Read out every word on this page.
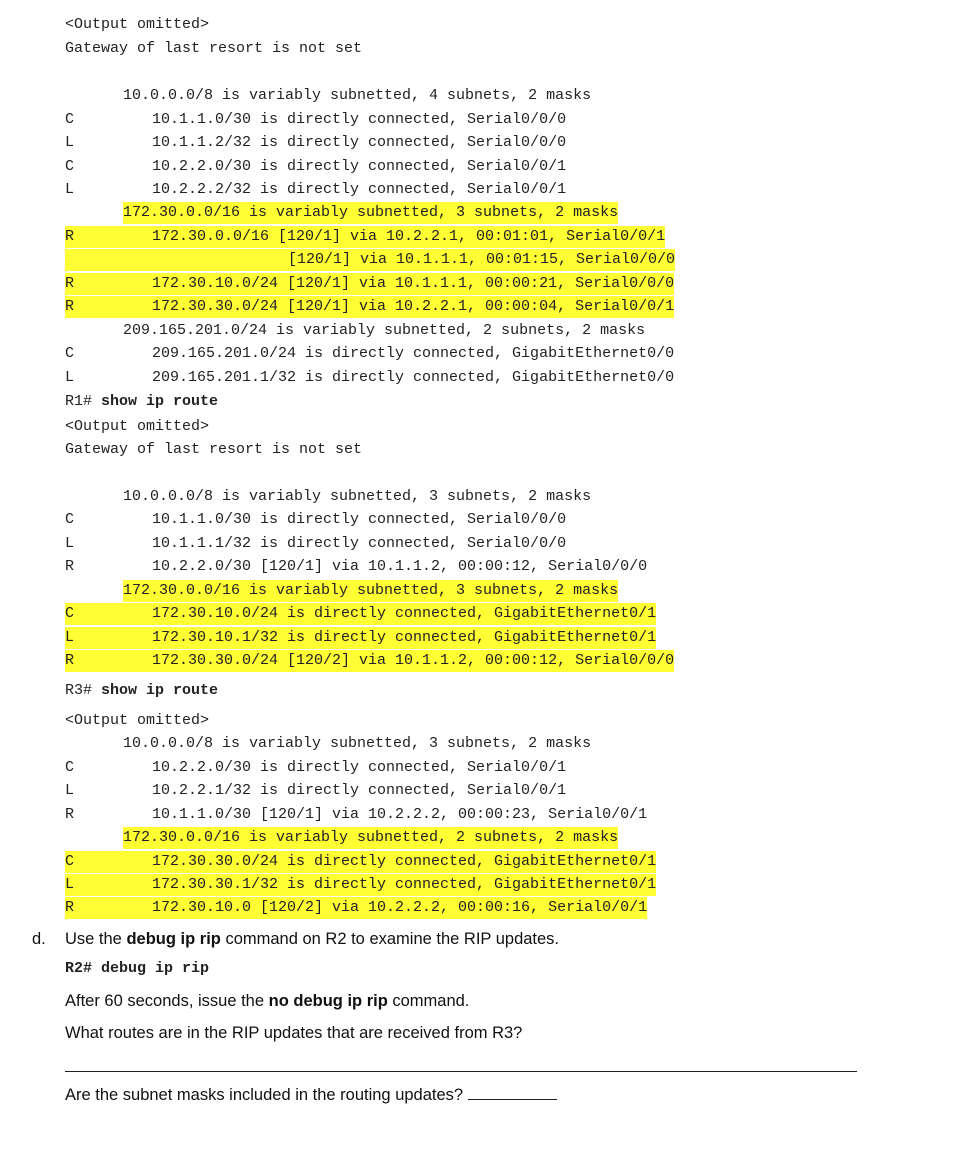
<Output omitted>
Gateway of last resort is not set
10.0.0.0/8 is variably subnetted, 4 subnets, 2 masks
C	10.1.1.0/30 is directly connected, Serial0/0/0
L	10.1.1.2/32 is directly connected, Serial0/0/0
C	10.2.2.0/30 is directly connected, Serial0/0/1
L	10.2.2.2/32 is directly connected, Serial0/0/1
172.30.0.0/16 is variably subnetted, 3 subnets, 2 masks
R	172.30.0.0/16 [120/1] via 10.2.2.1, 00:01:01, Serial0/0/1
[120/1] via 10.1.1.1, 00:01:15, Serial0/0/0
R	172.30.10.0/24 [120/1] via 10.1.1.1, 00:00:21, Serial0/0/0
R	172.30.30.0/24 [120/1] via 10.2.2.1, 00:00:04, Serial0/0/1
209.165.201.0/24 is variably subnetted, 2 subnets, 2 masks
C	209.165.201.0/24 is directly connected, GigabitEthernet0/0
L	209.165.201.1/32 is directly connected, GigabitEthernet0/0
R1# show ip route
<Output omitted>
Gateway of last resort is not set
10.0.0.0/8 is variably subnetted, 3 subnets, 2 masks
C	10.1.1.0/30 is directly connected, Serial0/0/0
L	10.1.1.1/32 is directly connected, Serial0/0/0
R	10.2.2.0/30 [120/1] via 10.1.1.2, 00:00:12, Serial0/0/0
172.30.0.0/16 is variably subnetted, 3 subnets, 2 masks
C	172.30.10.0/24 is directly connected, GigabitEthernet0/1
L	172.30.10.1/32 is directly connected, GigabitEthernet0/1
R	172.30.30.0/24 [120/2] via 10.1.1.2, 00:00:12, Serial0/0/0
R3# show ip route
<Output omitted>
10.0.0.0/8 is variably subnetted, 3 subnets, 2 masks
C	10.2.2.0/30 is directly connected, Serial0/0/1
L	10.2.2.1/32 is directly connected, Serial0/0/1
R	10.1.1.0/30 [120/1] via 10.2.2.2, 00:00:23, Serial0/0/1
172.30.0.0/16 is variably subnetted, 2 subnets, 2 masks
C	172.30.30.0/24 is directly connected, GigabitEthernet0/1
L	172.30.30.1/32 is directly connected, GigabitEthernet0/1
R	172.30.10.0 [120/2] via 10.2.2.2, 00:00:16, Serial0/0/1
d. Use the debug ip rip command on R2 to examine the RIP updates.
R2# debug ip rip
After 60 seconds, issue the no debug ip rip command.
What routes are in the RIP updates that are received from R3?
Are the subnet masks included in the routing updates?
